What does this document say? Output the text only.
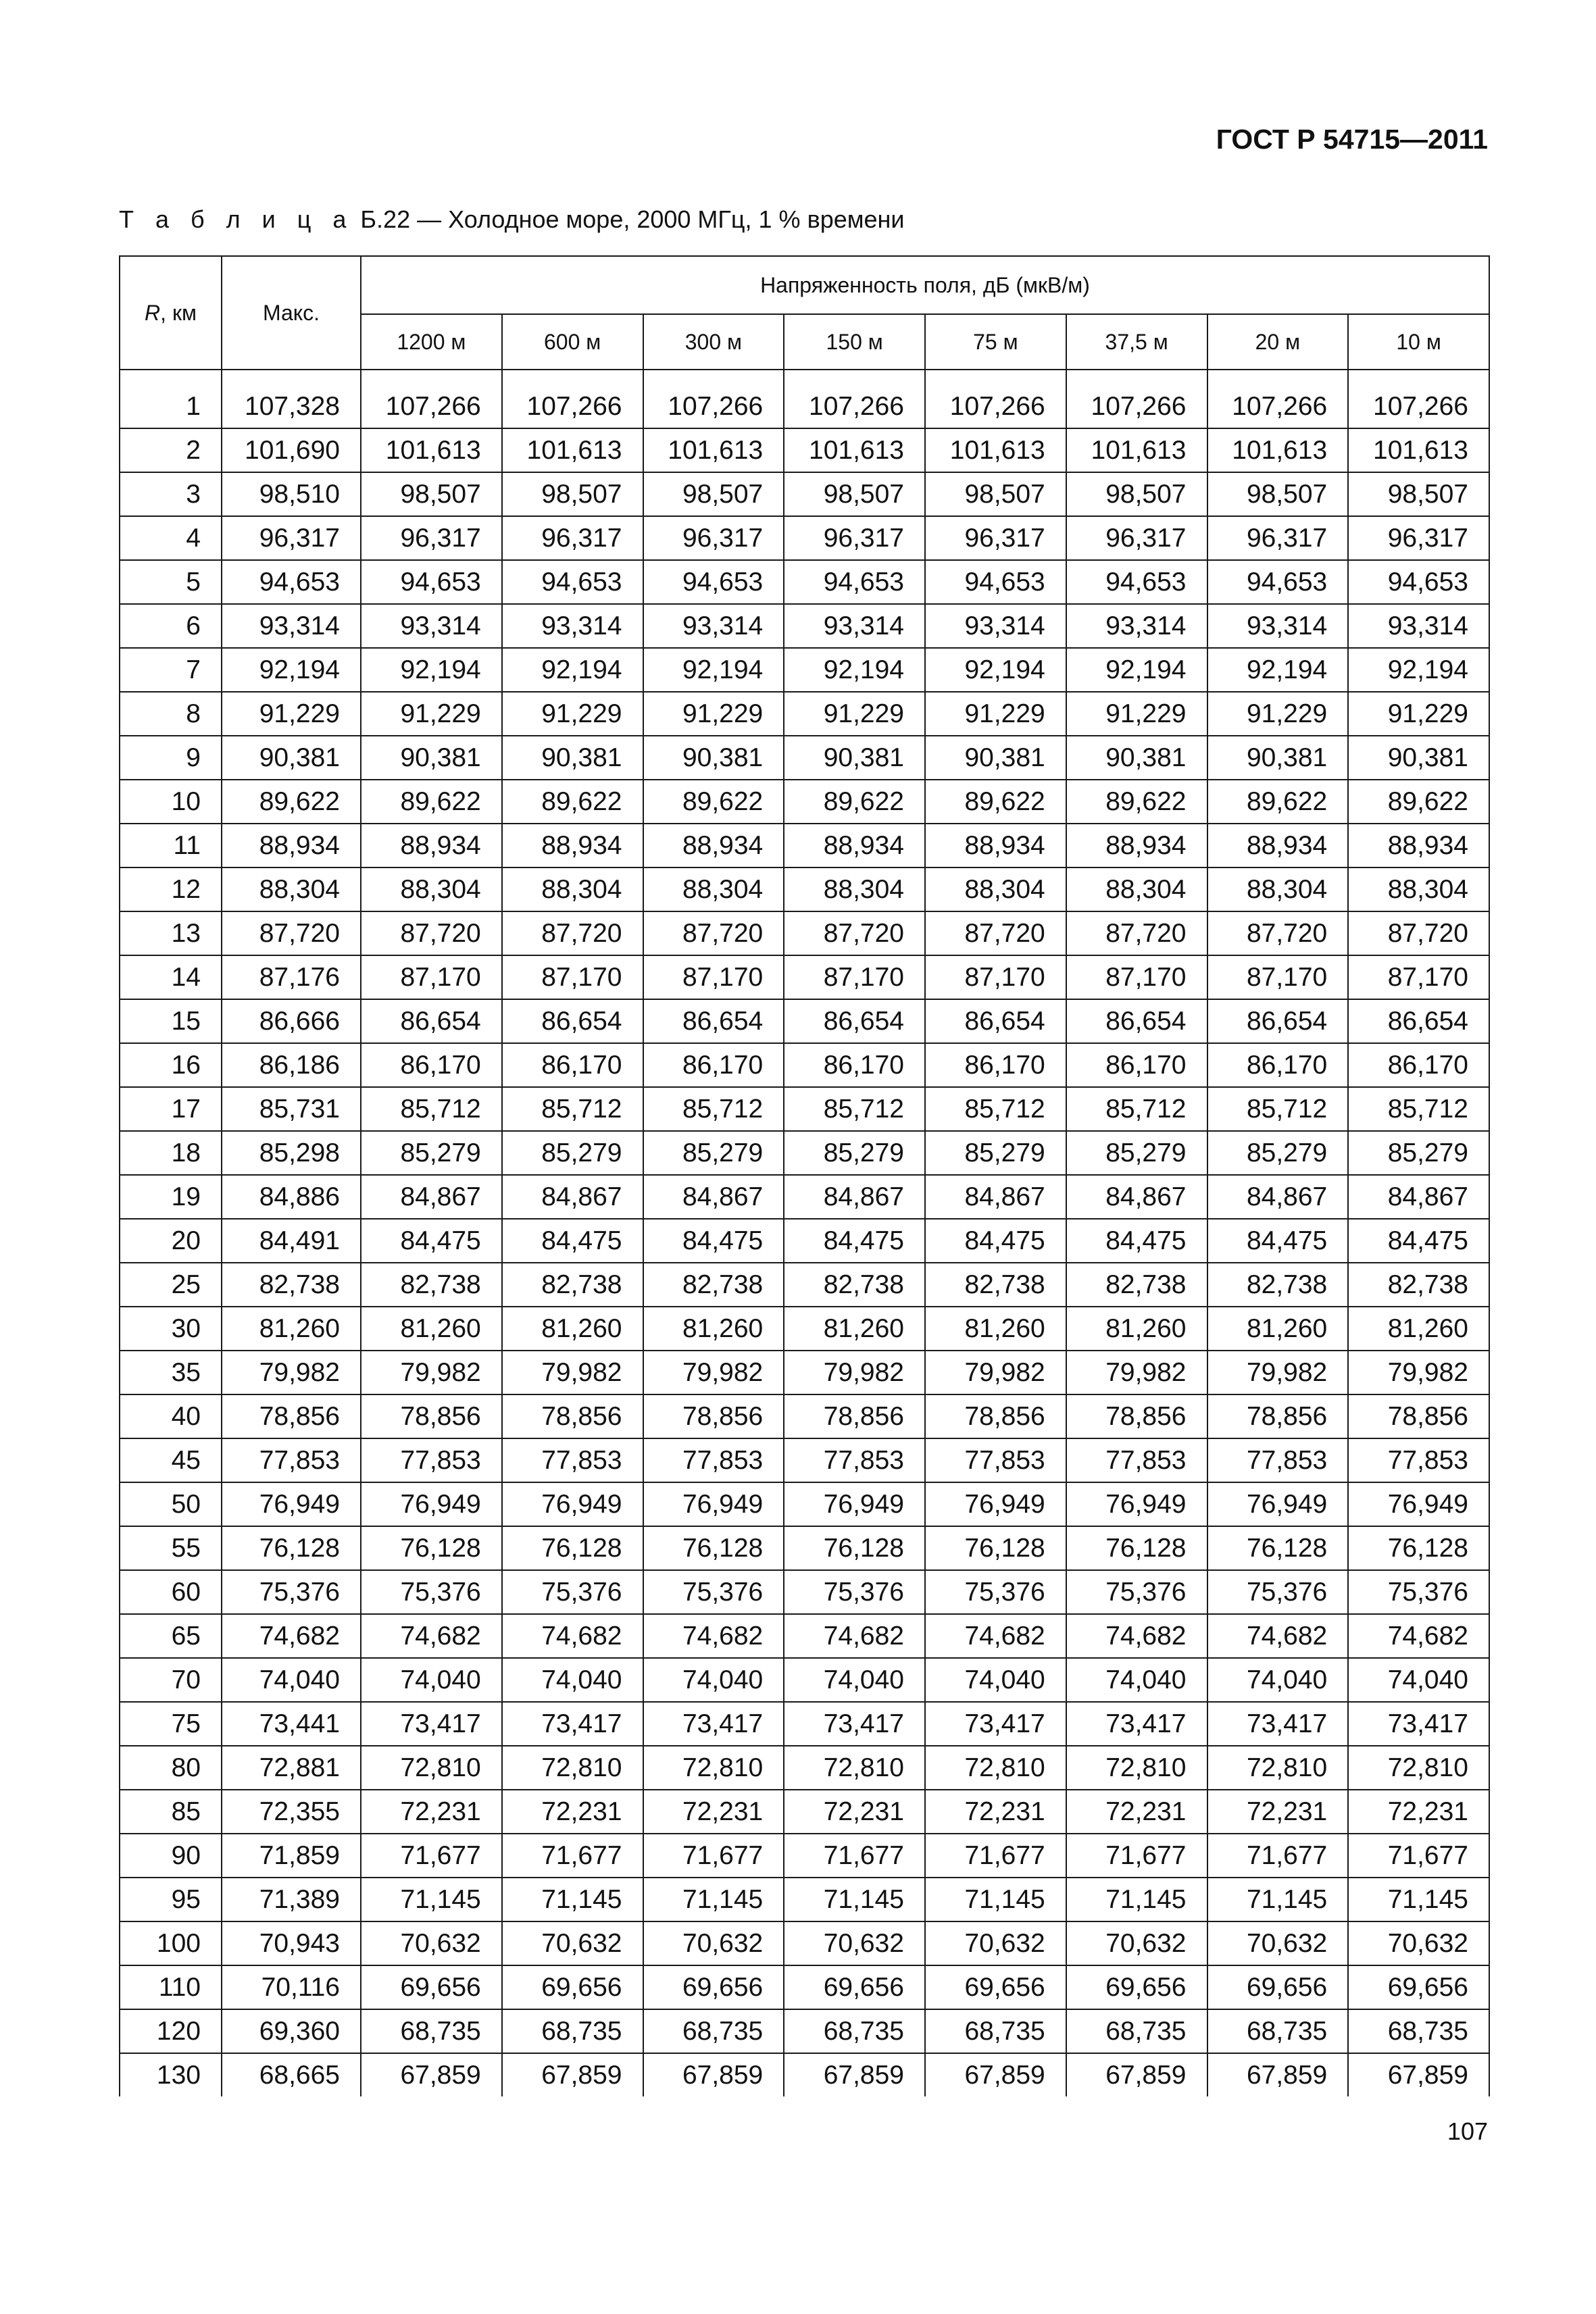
ГОСТ Р 54715—2011
Т а б л и ц а Б.22 — Холодное море, 2000 МГц, 1 % времени
R, км	Макс.	Напряженность поля, дБ (мкВ/м)							
		1200 м	600 м	300 м	150 м	75 м	37,5 м	20 м	10 м

1	107,328	107,266	107,266	107,266	107,266	107,266	107,266	107,266	107,266
2	101,690	101,613	101,613	101,613	101,613	101,613	101,613	101,613	101,613
3	98,510	98,507	98,507	98,507	98,507	98,507	98,507	98,507	98,507
4	96,317	96,317	96,317	96,317	96,317	96,317	96,317	96,317	96,317
5	94,653	94,653	94,653	94,653	94,653	94,653	94,653	94,653	94,653
6	93,314	93,314	93,314	93,314	93,314	93,314	93,314	93,314	93,314
7	92,194	92,194	92,194	92,194	92,194	92,194	92,194	92,194	92,194
8	91,229	91,229	91,229	91,229	91,229	91,229	91,229	91,229	91,229
9	90,381	90,381	90,381	90,381	90,381	90,381	90,381	90,381	90,381
10	89,622	89,622	89,622	89,622	89,622	89,622	89,622	89,622	89,622
11	88,934	88,934	88,934	88,934	88,934	88,934	88,934	88,934	88,934
12	88,304	88,304	88,304	88,304	88,304	88,304	88,304	88,304	88,304
13	87,720	87,720	87,720	87,720	87,720	87,720	87,720	87,720	87,720
14	87,176	87,170	87,170	87,170	87,170	87,170	87,170	87,170	87,170
15	86,666	86,654	86,654	86,654	86,654	86,654	86,654	86,654	86,654
16	86,186	86,170	86,170	86,170	86,170	86,170	86,170	86,170	86,170
17	85,731	85,712	85,712	85,712	85,712	85,712	85,712	85,712	85,712
18	85,298	85,279	85,279	85,279	85,279	85,279	85,279	85,279	85,279
19	84,886	84,867	84,867	84,867	84,867	84,867	84,867	84,867	84,867
20	84,491	84,475	84,475	84,475	84,475	84,475	84,475	84,475	84,475
25	82,738	82,738	82,738	82,738	82,738	82,738	82,738	82,738	82,738
30	81,260	81,260	81,260	81,260	81,260	81,260	81,260	81,260	81,260
35	79,982	79,982	79,982	79,982	79,982	79,982	79,982	79,982	79,982
40	78,856	78,856	78,856	78,856	78,856	78,856	78,856	78,856	78,856
45	77,853	77,853	77,853	77,853	77,853	77,853	77,853	77,853	77,853
50	76,949	76,949	76,949	76,949	76,949	76,949	76,949	76,949	76,949
55	76,128	76,128	76,128	76,128	76,128	76,128	76,128	76,128	76,128
60	75,376	75,376	75,376	75,376	75,376	75,376	75,376	75,376	75,376
65	74,682	74,682	74,682	74,682	74,682	74,682	74,682	74,682	74,682
70	74,040	74,040	74,040	74,040	74,040	74,040	74,040	74,040	74,040
75	73,441	73,417	73,417	73,417	73,417	73,417	73,417	73,417	73,417
80	72,881	72,810	72,810	72,810	72,810	72,810	72,810	72,810	72,810
85	72,355	72,231	72,231	72,231	72,231	72,231	72,231	72,231	72,231
90	71,859	71,677	71,677	71,677	71,677	71,677	71,677	71,677	71,677
95	71,389	71,145	71,145	71,145	71,145	71,145	71,145	71,145	71,145
100	70,943	70,632	70,632	70,632	70,632	70,632	70,632	70,632	70,632
110	70,116	69,656	69,656	69,656	69,656	69,656	69,656	69,656	69,656
120	69,360	68,735	68,735	68,735	68,735	68,735	68,735	68,735	68,735
130	68,665	67,859	67,859	67,859	67,859	67,859	67,859	67,859	67,859
107
